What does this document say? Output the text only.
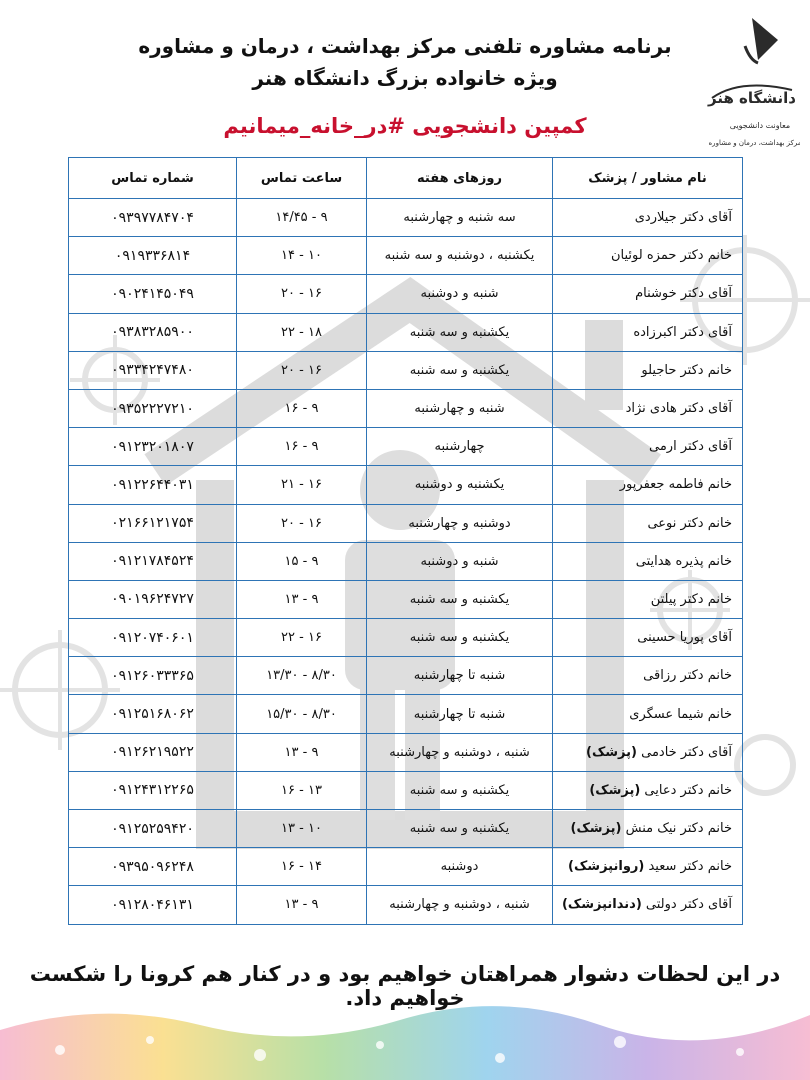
دانشگاه هنر
معاونت دانشجویی
مرکز بهداشت، درمان و مشاوره
برنامه مشاوره تلفنی مرکز بهداشت ، درمان و مشاوره
ویژه خانواده بزرگ دانشگاه هنر
کمپین دانشجویی #در_خانه_میمانیم
نام مشاور / پزشک	روزهای هفته	ساعت تماس	شماره تماس
آقای دکتر جیلاردی	سه شنبه و چهارشنبه	۹ - ۱۴/۴۵	۰۹۳۹۷۷۸۴۷۰۴
خانم دکتر حمزه لوئیان	یکشنبه ، دوشنبه و سه شنبه	۱۰ - ۱۴	۰۹۱۹۳۳۶۸۱۴
آقای دکتر خوشنام	شنبه و دوشنبه	۱۶ - ۲۰	۰۹۰۲۴۱۴۵۰۴۹
آقای دکتر اکبرزاده	یکشنبه و سه شنبه	۱۸ - ۲۲	۰۹۳۸۳۲۸۵۹۰۰
خانم دکتر حاجیلو	یکشنبه و سه شنبه	۱۶ - ۲۰	۰۹۳۳۴۲۴۷۴۸۰
آقای دکتر هادی نژاد	شنبه و چهارشنبه	۹ - ۱۶	۰۹۳۵۲۲۲۷۲۱۰
آقای دکتر ارمی	چهارشنبه	۹ - ۱۶	۰۹۱۲۳۲۰۱۸۰۷
خانم فاطمه جعفرپور	یکشنبه و دوشنبه	۱۶ - ۲۱	۰۹۱۲۲۶۴۴۰۳۱
خانم دکتر نوعی	دوشنبه و چهارشنبه	۱۶ - ۲۰	۰۲۱۶۶۱۲۱۷۵۴
خانم پذیره هدایتی	شنبه و دوشنبه	۹ - ۱۵	۰۹۱۲۱۷۸۴۵۲۴
خانم دکتر پیلتن	یکشنبه و سه شنبه	۹ - ۱۳	۰۹۰۱۹۶۲۴۷۲۷
آقای پوریا حسینی	یکشنبه و سه شنبه	۱۶ - ۲۲	۰۹۱۲۰۷۴۰۶۰۱
خانم دکتر رزاقی	شنبه تا چهارشنبه	۸/۳۰ - ۱۳/۳۰	۰۹۱۲۶۰۳۳۳۶۵
خانم شیما عسگری	شنبه تا چهارشنبه	۸/۳۰ - ۱۵/۳۰	۰۹۱۲۵۱۶۸۰۶۲
آقای دکتر خادمی (پزشک)	شنبه ، دوشنبه و چهارشنبه	۹ - ۱۳	۰۹۱۲۶۲۱۹۵۲۲
خانم دکتر دعایی (پزشک)	یکشنبه و سه شنبه	۱۳ - ۱۶	۰۹۱۲۴۳۱۲۲۶۵
خانم دکتر نیک منش (پزشک)	یکشنبه و سه شنبه	۱۰ - ۱۳	۰۹۱۲۵۲۵۹۴۲۰
خانم دکتر سعید (روانپزشک)	دوشنبه	۱۴ - ۱۶	۰۹۳۹۵۰۹۶۲۴۸
آقای دکتر دولتی (دندانپزشک)	شنبه ، دوشنبه و چهارشنبه	۹ - ۱۳	۰۹۱۲۸۰۴۶۱۳۱
در این لحظات دشوار همراهتان خواهیم بود و در کنار هم کرونا را شکست خواهیم داد.
